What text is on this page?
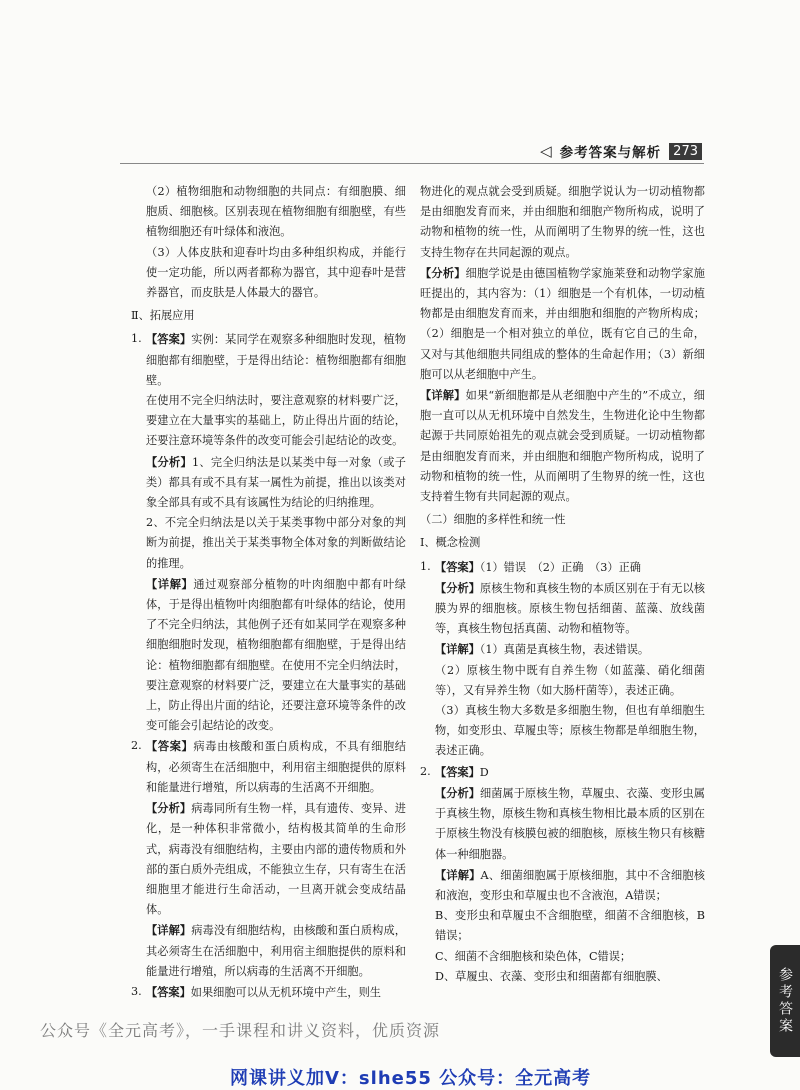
◁ 参考答案与解析 273

（2）植物细胞和动物细胞的共同点：有细胞膜、细胞质、细胞核。区别表现在植物细胞有细胞壁，有些植物细胞还有叶绿体和液泡。

（3）人体皮肤和迎春叶均由多种组织构成，并能行使一定功能，所以两者都称为器官，其中迎春叶是营养器官，而皮肤是人体最大的器官。

Ⅱ、拓展应用

1. 【答案】实例：某同学在观察多种细胞时发现，植物细胞都有细胞壁，于是得出结论：植物细胞都有细胞壁。

在使用不完全归纳法时，要注意观察的材料要广泛，要建立在大量事实的基础上，防止得出片面的结论，还要注意环境等条件的改变可能会引起结论的改变。

【分析】1、完全归纳法是以某类中每一对象（或子类）都具有或不具有某一属性为前提，推出以该类对象全部具有或不具有该属性为结论的归纳推理。

2、不完全归纳法是以关于某类事物中部分对象的判断为前提，推出关于某类事物全体对象的判断做结论的推理。

【详解】通过观察部分植物的叶肉细胞中都有叶绿体，于是得出植物叶肉细胞都有叶绿体的结论，使用了不完全归纳法，其他例子还有如某同学在观察多种细胞细胞时发现，植物细胞都有细胞壁，于是得出结论：植物细胞都有细胞壁。在使用不完全归纳法时，要注意观察的材料要广泛，要建立在大量事实的基础上，防止得出片面的结论，还要注意环境等条件的改变可能会引起结论的改变。

2. 【答案】病毒由核酸和蛋白质构成，不具有细胞结构，必须寄生在活细胞中，利用宿主细胞提供的原料和能量进行增殖，所以病毒的生活离不开细胞。

【分析】病毒同所有生物一样，具有遗传、变异、进化，是一种体积非常微小，结构极其简单的生命形式，病毒没有细胞结构，主要由内部的遗传物质和外部的蛋白质外壳组成，不能独立生存，只有寄生在活细胞里才能进行生命活动，一旦离开就会变成结晶体。

【详解】病毒没有细胞结构，由核酸和蛋白质构成，其必须寄生在活细胞中，利用宿主细胞提供的原料和能量进行增殖，所以病毒的生活离不开细胞。

3. 【答案】如果细胞可以从无机环境中产生，则生

物进化的观点就会受到质疑。细胞学说认为一切动植物都是由细胞发育而来，并由细胞和细胞产物所构成，说明了动物和植物的统一性，从而阐明了生物界的统一性，这也支持生物存在共同起源的观点。

【分析】细胞学说是由德国植物学家施莱登和动物学家施旺提出的，其内容为：（1）细胞是一个有机体，一切动植物都是由细胞发育而来，并由细胞和细胞的产物所构成；（2）细胞是一个相对独立的单位，既有它自己的生命，又对与其他细胞共同组成的整体的生命起作用；（3）新细胞可以从老细胞中产生。

【详解】如果“新细胞都是从老细胞中产生的”不成立，细胞一直可以从无机环境中自然发生，生物进化论中生物都起源于共同原始祖先的观点就会受到质疑。一切动植物都是由细胞发育而来，并由细胞和细胞产物所构成，说明了动物和植物的统一性，从而阐明了生物界的统一性，这也支持着生物有共同起源的观点。

（二）细胞的多样性和统一性

Ⅰ、概念检测

1. 【答案】（1）错误　（2）正确　（3）正确

【分析】原核生物和真核生物的本质区别在于有无以核膜为界的细胞核。原核生物包括细菌、蓝藻、放线菌等，真核生物包括真菌、动物和植物等。

【详解】（1）真菌是真核生物，表述错误。

（2）原核生物中既有自养生物（如蓝藻、硝化细菌等），又有异养生物（如大肠杆菌等），表述正确。

（3）真核生物大多数是多细胞生物，但也有单细胞生物，如变形虫、草履虫等；原核生物都是单细胞生物，表述正确。

2. 【答案】D

【分析】细菌属于原核生物，草履虫、衣藻、变形虫属于真核生物，原核生物和真核生物相比最本质的区别在于原核生物没有核膜包被的细胞核，原核生物只有核糖体一种细胞器。

【详解】A、细菌细胞属于原核细胞，其中不含细胞核和液泡，变形虫和草履虫也不含液泡，A错误；

B、变形虫和草履虫不含细胞壁，细菌不含细胞核，B错误；

C、细菌不含细胞核和染色体，C错误；

D、草履虫、衣藻、变形虫和细菌都有细胞膜、	参考答案
公众号《全元高考》，一手课程和讲义资料，优质资源
网课讲义加V：slhe55 公众号：全元高考
